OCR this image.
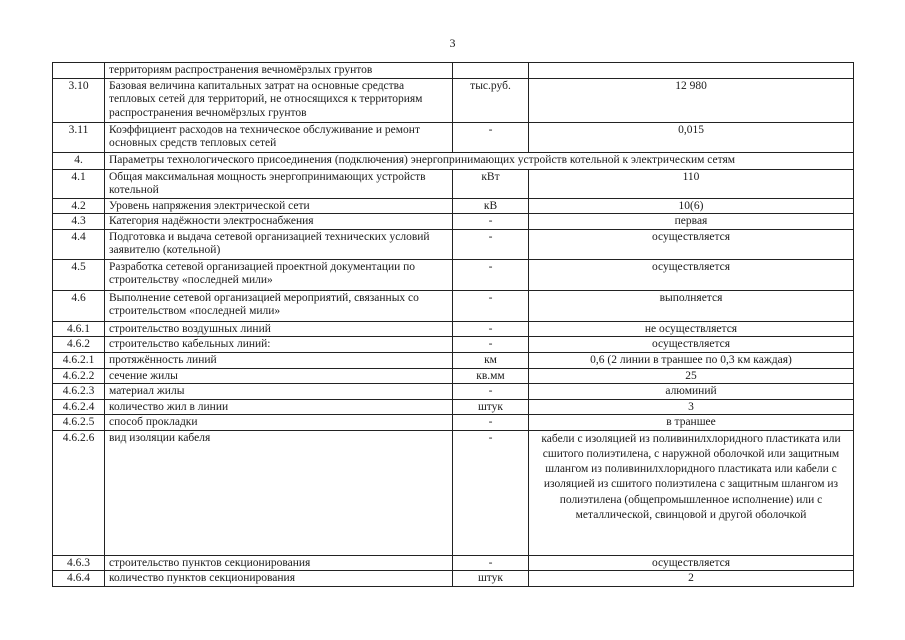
3
	территориям распространения вечномёрзлых грунтов		
3.10	Базовая величина капитальных затрат на основные средства тепловых сетей для территорий, не относящихся к территориям распространения вечномёрзлых грунтов	тыс.руб.	12 980
3.11	Коэффициент расходов на техническое обслуживание и ремонт основных средств тепловых сетей	-	0,015
4.	Параметры технологического присоединения (подключения) энергопринимающих устройств котельной к электрическим сетям		
4.1	Общая максимальная мощность энергопринимающих устройств котельной	кВт	110
4.2	Уровень напряжения электрической сети	кВ	10(6)
4.3	Категория надёжности электроснабжения	-	первая
4.4	Подготовка и выдача сетевой организацией технических условий заявителю (котельной)	-	осуществляется
4.5	Разработка сетевой организацией проектной документации по строительству «последней мили»	-	осуществляется
4.6	Выполнение сетевой организацией мероприятий, связанных со строительством «последней мили»	-	выполняется
4.6.1	строительство воздушных линий	-	не осуществляется
4.6.2	строительство кабельных линий:	-	осуществляется
4.6.2.1	протяжённость линий	км	0,6 (2 линии в траншее по 0,3 км каждая)
4.6.2.2	сечение жилы	кв.мм	25
4.6.2.3	материал жилы	-	алюминий
4.6.2.4	количество жил в линии	штук	3
4.6.2.5	способ прокладки	-	в траншее
4.6.2.6	вид изоляции кабеля	-	кабели с изоляцией из поливинилхлоридного пластиката или сшитого полиэтилена, с наружной оболочкой или защитным шлангом из поливинилхлоридного пластиката или кабели с изоляцией из сшитого полиэтилена с защитным шлангом из полиэтилена (общепромышленное исполнение) или с металлической, свинцовой и другой оболочкой
4.6.3	строительство пунктов секционирования	-	осуществляется
4.6.4	количество пунктов секционирования	штук	2
